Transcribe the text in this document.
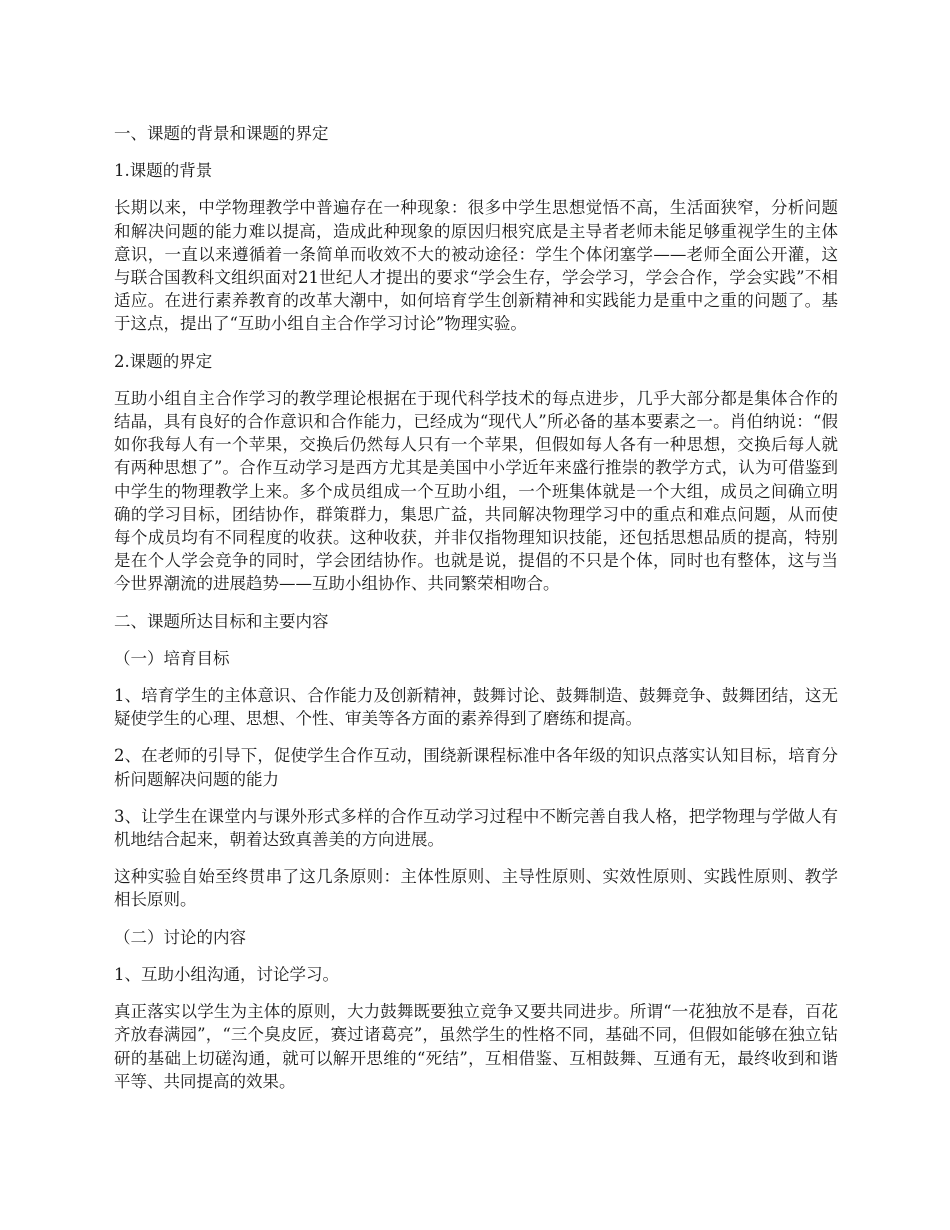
一、课题的背景和课题的界定

1.课题的背景

长期以来，中学物理教学中普遍存在一种现象：很多中学生思想觉悟不高，生活面狭窄，分析问题和解决问题的能力难以提高，造成此种现象的原因归根究底是主导者老师未能足够重视学生的主体意识，一直以来遵循着一条简单而收效不大的被动途径：学生个体闭塞学——老师全面公开灌，这与联合国教科文组织面对21世纪人才提出的要求“学会生存，学会学习，学会合作，学会实践”不相适应。在进行素养教育的改革大潮中，如何培育学生创新精神和实践能力是重中之重的问题了。基于这点，提出了“互助小组自主合作学习讨论”物理实验。

2.课题的界定

互助小组自主合作学习的教学理论根据在于现代科学技术的每点进步，几乎大部分都是集体合作的结晶，具有良好的合作意识和合作能力，已经成为“现代人”所必备的基本要素之一。肖伯纳说：“假如你我每人有一个苹果，交换后仍然每人只有一个苹果，但假如每人各有一种思想，交换后每人就有两种思想了”。合作互动学习是西方尤其是美国中小学近年来盛行推崇的教学方式，认为可借鉴到中学生的物理教学上来。多个成员组成一个互助小组，一个班集体就是一个大组，成员之间确立明确的学习目标，团结协作，群策群力，集思广益，共同解决物理学习中的重点和难点问题，从而使每个成员均有不同程度的收获。这种收获，并非仅指物理知识技能，还包括思想品质的提高，特别是在个人学会竞争的同时，学会团结协作。也就是说，提倡的不只是个体，同时也有整体，这与当今世界潮流的进展趋势——互助小组协作、共同繁荣相吻合。

二、课题所达目标和主要内容

（一）培育目标

1、培育学生的主体意识、合作能力及创新精神，鼓舞讨论、鼓舞制造、鼓舞竞争、鼓舞团结，这无疑使学生的心理、思想、个性、审美等各方面的素养得到了磨练和提高。

2、在老师的引导下，促使学生合作互动，围绕新课程标准中各年级的知识点落实认知目标，培育分析问题解决问题的能力

3、让学生在课堂内与课外形式多样的合作互动学习过程中不断完善自我人格，把学物理与学做人有机地结合起来，朝着达致真善美的方向进展。

这种实验自始至终贯串了这几条原则：主体性原则、主导性原则、实效性原则、实践性原则、教学相长原则。

（二）讨论的内容

1、互助小组沟通，讨论学习。

真正落实以学生为主体的原则，大力鼓舞既要独立竞争又要共同进步。所谓“一花独放不是春，百花齐放春满园”，“三个臭皮匠，赛过诸葛亮”，虽然学生的性格不同，基础不同，但假如能够在独立钻研的基础上切磋沟通，就可以解开思维的“死结”，互相借鉴、互相鼓舞、互通有无，最终收到和谐平等、共同提高的效果。
